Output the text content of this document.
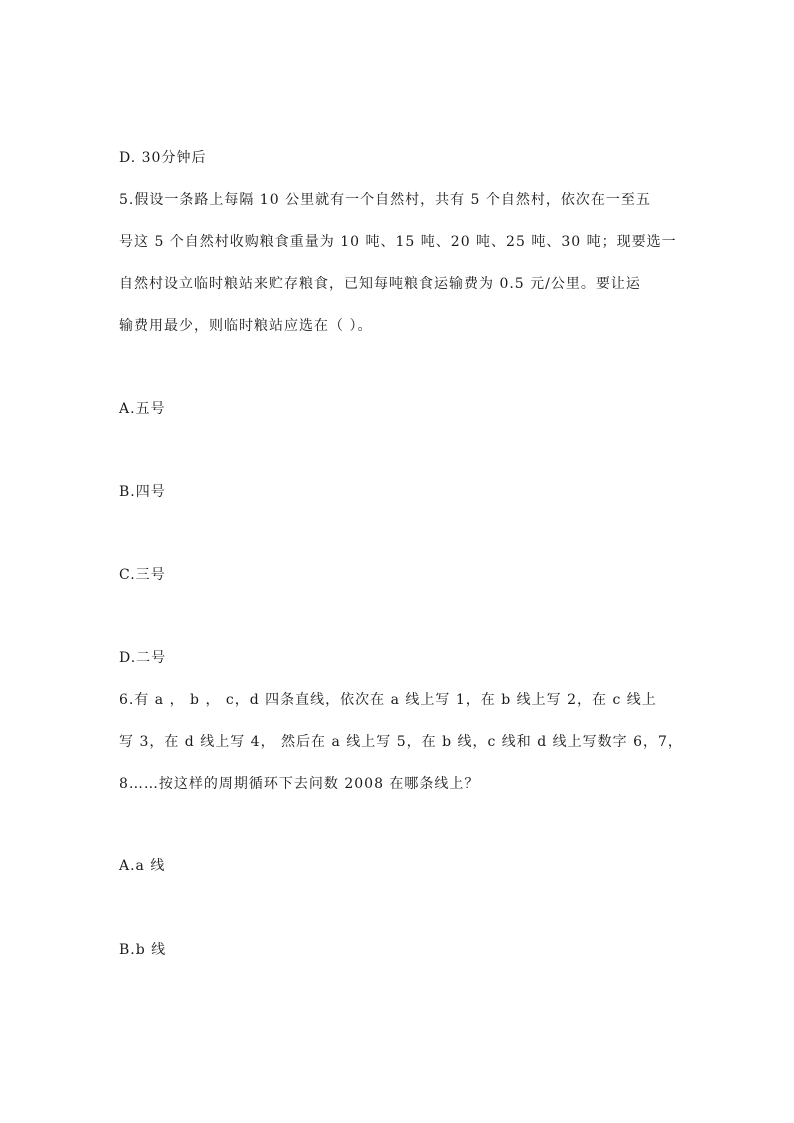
D. 30分钟后
5.假设一条路上每隔 10 公里就有一个自然村，共有 5 个自然村，依次在一至五
号这 5 个自然村收购粮食重量为 10 吨、15 吨、20 吨、25 吨、30 吨；现要选一
自然村设立临时粮站来贮存粮食，已知每吨粮食运输费为 0.5 元/公里。要让运
输费用最少，则临时粮站应选在（ ）。
A.五号
B.四号
C.三号
D.二号
6.有 a ， b ， c，d 四条直线，依次在 a 线上写 1，在 b 线上写 2，在 c 线上
写 3，在 d 线上写 4， 然后在 a 线上写 5，在 b 线，c 线和 d 线上写数字 6，7，
8……按这样的周期循环下去问数 2008 在哪条线上？
A.a 线
B.b 线
